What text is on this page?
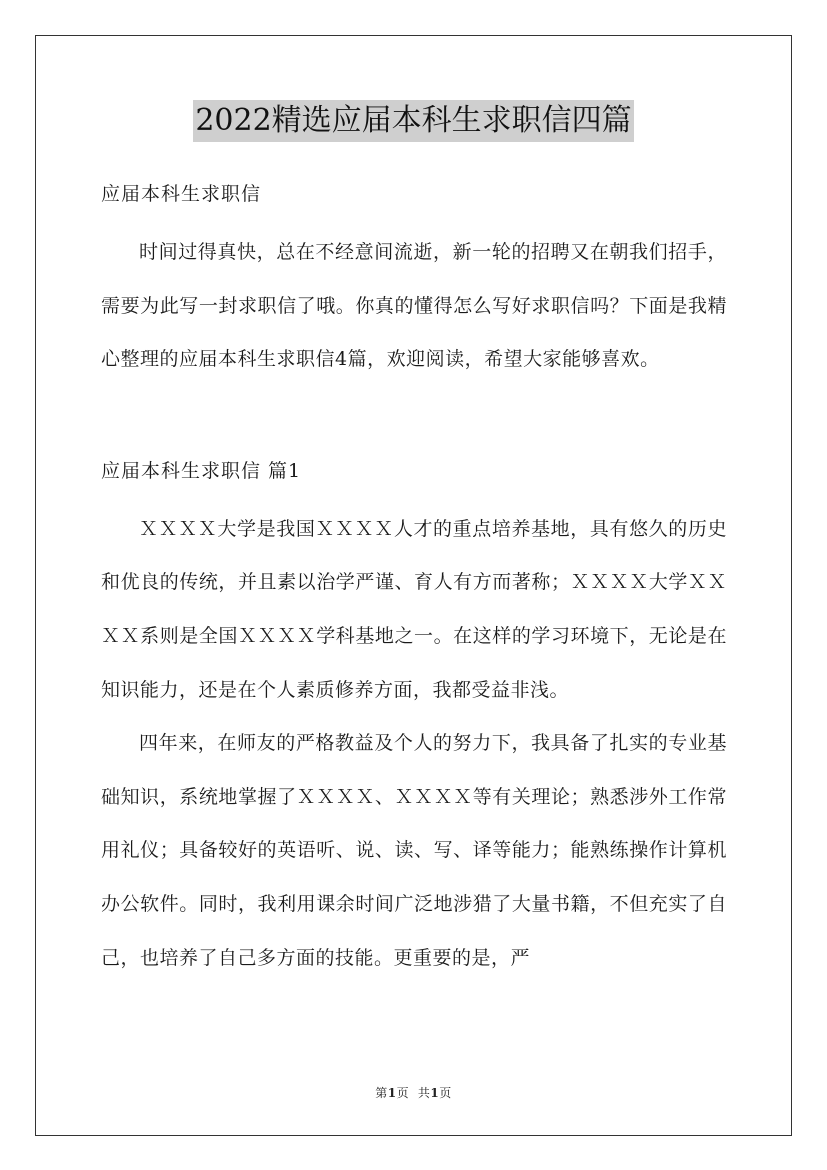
2022精选应届本科生求职信四篇

应届本科生求职信

时间过得真快，总在不经意间流逝，新一轮的招聘又在朝我们招手，需要为此写一封求职信了哦。你真的懂得怎么写好求职信吗？下面是我精心整理的应届本科生求职信4篇，欢迎阅读，希望大家能够喜欢。

应届本科生求职信 篇1

ＸＸＸＸ大学是我国ＸＸＸＸ人才的重点培养基地，具有悠久的历史和优良的传统，并且素以治学严谨、育人有方而著称；ＸＸＸＸ大学ＸＸＸＸ系则是全国ＸＸＸＸ学科基地之一。在这样的学习环境下，无论是在知识能力，还是在个人素质修养方面，我都受益非浅。

四年来，在师友的严格教益及个人的努力下，我具备了扎实的专业基础知识，系统地掌握了ＸＸＸＸ、ＸＸＸＸ等有关理论；熟悉涉外工作常用礼仪；具备较好的英语听、说、读、写、译等能力；能熟练操作计算机办公软件。同时，我利用课余时间广泛地涉猎了大量书籍，不但充实了自己，也培养了自己多方面的技能。更重要的是，严

第1页 共1页
